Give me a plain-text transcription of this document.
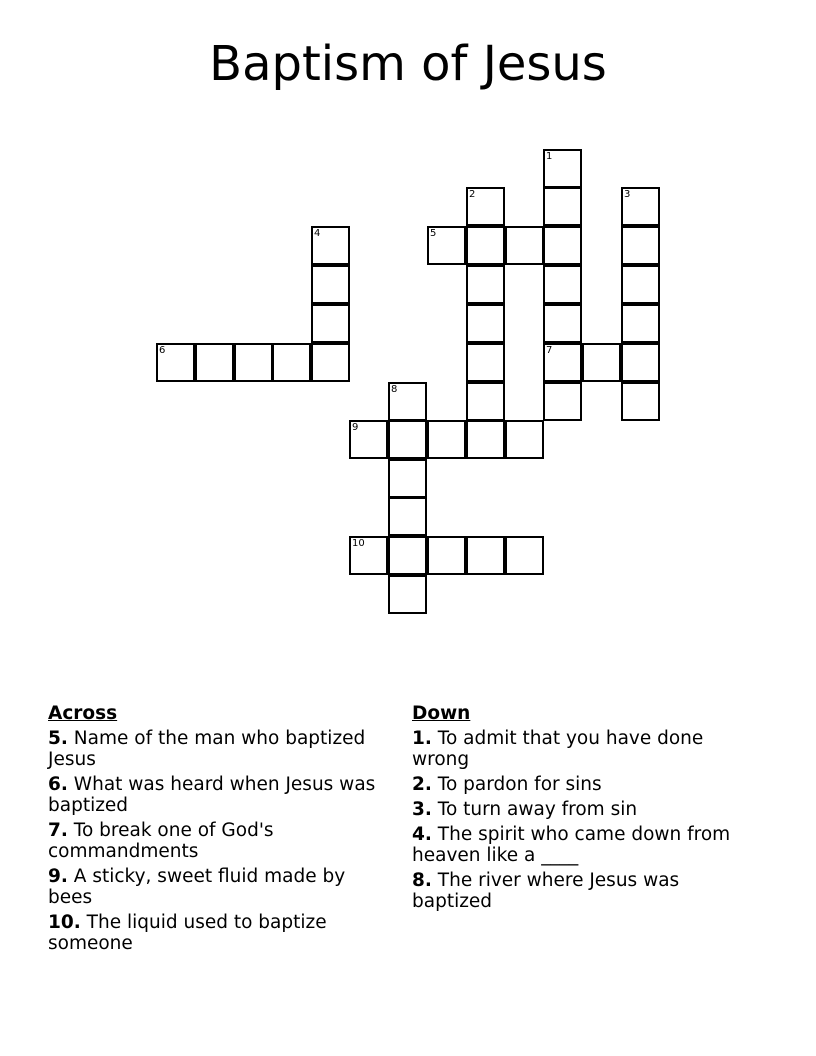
Baptism of Jesus
1
7
2	3
5
4
6
8
9
10
Across
5. Name of the man who baptized Jesus
6. What was heard when Jesus was baptized
7. To break one of God's commandments
9. A sticky, sweet fluid made by bees
10. The liquid used to baptize someone
Down
1. To admit that you have done wrong
2. To pardon for sins
3. To turn away from sin
4. The spirit who came down from heaven like a ____
8. The river where Jesus was baptized
